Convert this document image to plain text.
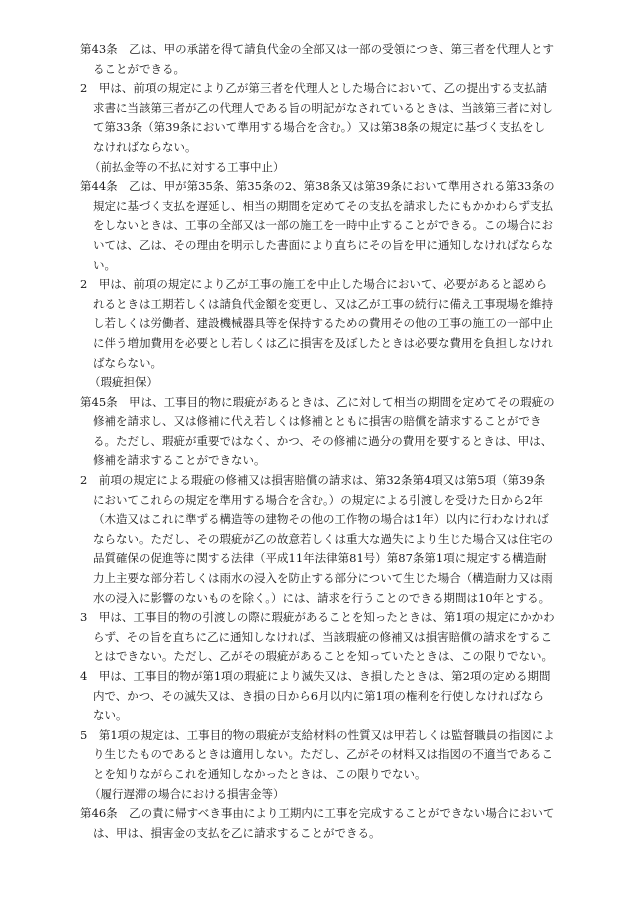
第43条　乙は、甲の承諾を得て請負代金の全部又は一部の受領につき、第三者を代理人とすることができる。

2　甲は、前項の規定により乙が第三者を代理人とした場合において、乙の提出する支払請求書に当該第三者が乙の代理人である旨の明記がなされているときは、当該第三者に対して第33条（第39条において準用する場合を含む。）又は第38条の規定に基づく支払をしなければならない。

（前払金等の不払に対する工事中止）

第44条　乙は、甲が第35条、第35条の2、第38条又は第39条において準用される第33条の規定に基づく支払を遅延し、相当の期間を定めてその支払を請求したにもかかわらず支払をしないときは、工事の全部又は一部の施工を一時中止することができる。この場合においては、乙は、その理由を明示した書面により直ちにその旨を甲に通知しなければならない。

2　甲は、前項の規定により乙が工事の施工を中止した場合において、必要があると認められるときは工期若しくは請負代金額を変更し、又は乙が工事の続行に備え工事現場を維持し若しくは労働者、建設機械器具等を保持するための費用その他の工事の施工の一部中止に伴う増加費用を必要とし若しくは乙に損害を及ぼしたときは必要な費用を負担しなければならない。

（瑕疵担保）

第45条　甲は、工事目的物に瑕疵があるときは、乙に対して相当の期間を定めてその瑕疵の修補を請求し、又は修補に代え若しくは修補とともに損害の賠償を請求することができる。ただし、瑕疵が重要ではなく、かつ、その修補に過分の費用を要するときは、甲は、修補を請求することができない。

2　前項の規定による瑕疵の修補又は損害賠償の請求は、第32条第4項又は第5項（第39条においてこれらの規定を準用する場合を含む。）の規定による引渡しを受けた日から2年（木造又はこれに準ずる構造等の建物その他の工作物の場合は1年）以内に行わなければならない。ただし、その瑕疵が乙の故意若しくは重大な過失により生じた場合又は住宅の品質確保の促進等に関する法律（平成11年法律第81号）第87条第1項に規定する構造耐力上主要な部分若しくは雨水の浸入を防止する部分について生じた場合（構造耐力又は雨水の浸入に影響のないものを除く。）には、請求を行うことのできる期間は10年とする。

3　甲は、工事目的物の引渡しの際に瑕疵があることを知ったときは、第1項の規定にかかわらず、その旨を直ちに乙に通知しなければ、当該瑕疵の修補又は損害賠償の請求をすることはできない。ただし、乙がその瑕疵があることを知っていたときは、この限りでない。

4　甲は、工事目的物が第1項の瑕疵により滅失又は、き損したときは、第2項の定める期間内で、かつ、その滅失又は、き損の日から6月以内に第1項の権利を行使しなければならない。

5　第1項の規定は、工事目的物の瑕疵が支給材料の性質又は甲若しくは監督職員の指図により生じたものであるときは適用しない。ただし、乙がその材料又は指図の不適当であることを知りながらこれを通知しなかったときは、この限りでない。

（履行遅滞の場合における損害金等）

第46条　乙の責に帰すべき事由により工期内に工事を完成することができない場合においては、甲は、損害金の支払を乙に請求することができる。
